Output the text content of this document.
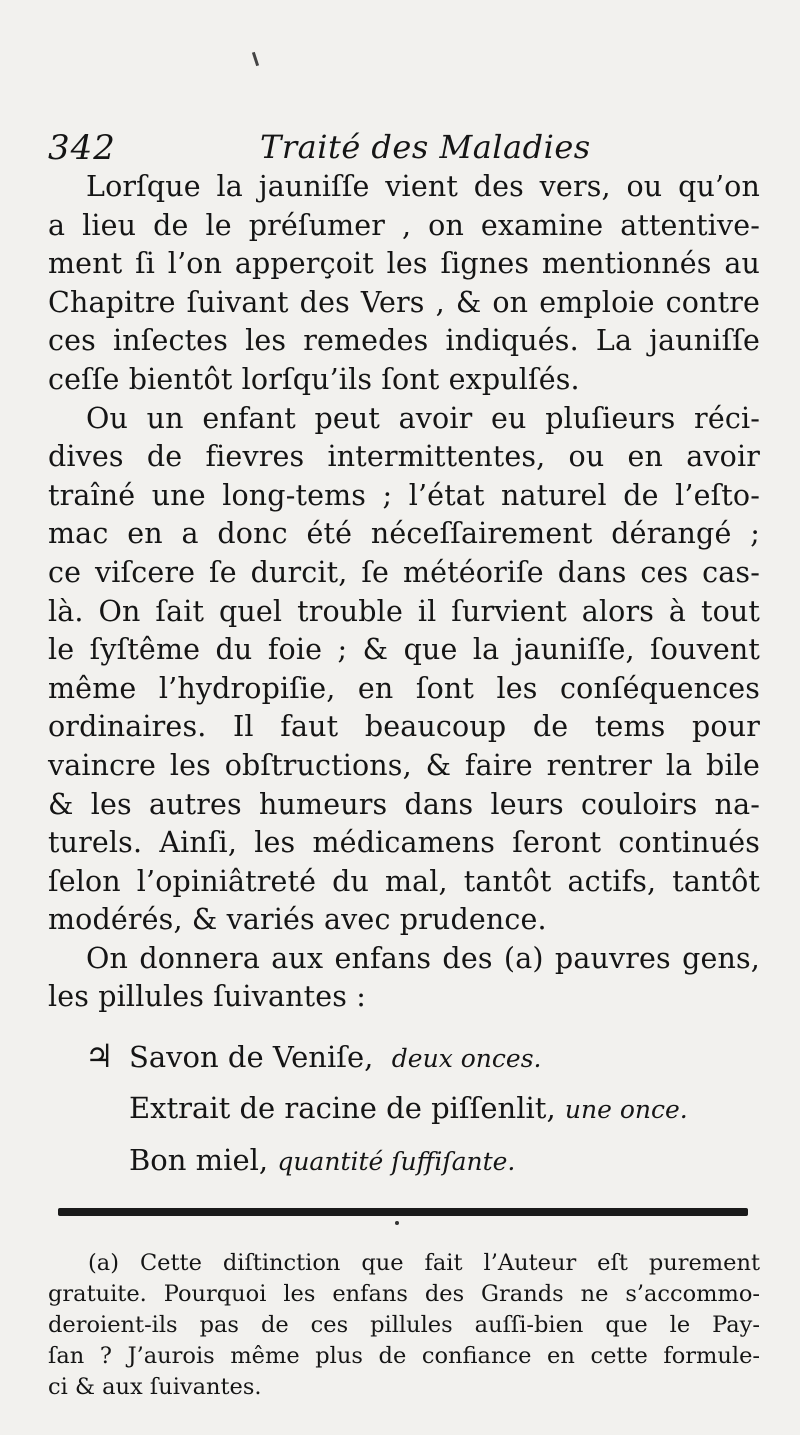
342	Traité des Maladies
Lorſque la jauniſſe vient des vers, ou qu’on
a lieu de le préſumer , on examine attentive-
ment ſi l’on apperçoit les ſignes mentionnés au
Chapitre ſuivant des Vers , & on emploie contre
ces inſectes les remedes indiqués. La jauniſſe
ceſſe bientôt lorſqu’ils ſont expulſés.
Ou un enfant peut avoir eu pluſieurs réci-
dives de fievres intermittentes, ou en avoir
traîné une long-tems ; l’état naturel de l’eſto-
mac en a donc été néceſſairement dérangé ;
ce viſcere ſe durcit, ſe météoriſe dans ces cas-
là. On ſait quel trouble il ſurvient alors à tout
le ſyſtême du foie ; & que la jauniſſe, ſouvent
même l’hydropiſie, en ſont les conſéquences
ordinaires. Il faut beaucoup de tems pour
vaincre les obſtructions, & faire rentrer la bile
& les autres humeurs dans leurs couloirs na-
turels. Ainſi, les médicamens ſeront continués
ſelon l’opiniâtreté du mal, tantôt actifs, tantôt
modérés, & variés avec prudence.
On donnera aux enfans des (a) pauvres gens,
les pillules ſuivantes :
♃ Savon de Veniſe, deux onces.
Extrait de racine de piſſenlit, une once.
Bon miel, quantité ſuffiſante.
(a) Cette diſtinction que fait l’Auteur eſt purement
gratuite. Pourquoi les enfans des Grands ne s’accommo-
deroient-ils pas de ces pillules auſſi-bien que le Pay-
ſan ? J’aurois même plus de confiance en cette formule-
ci & aux ſuivantes.
